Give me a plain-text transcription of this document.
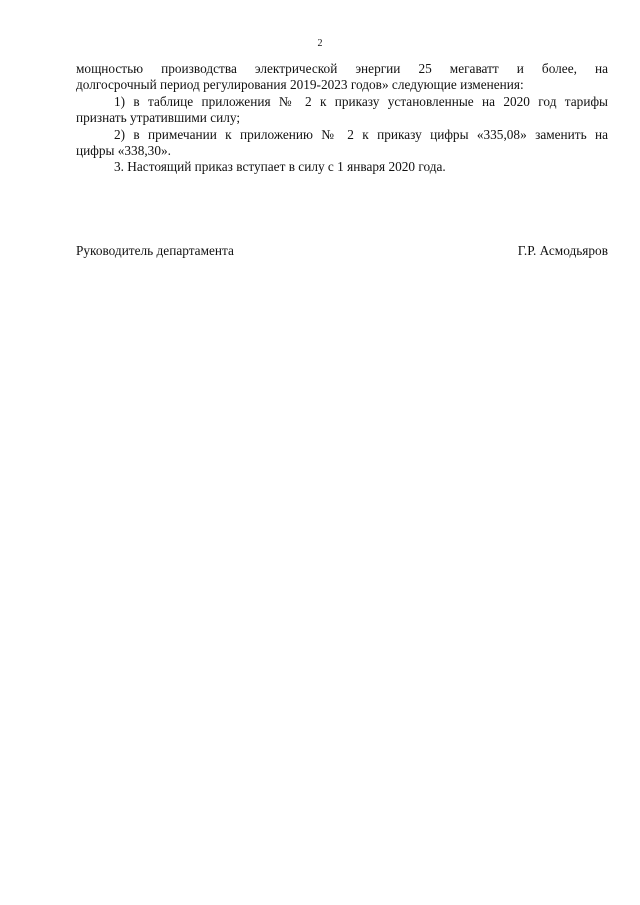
2
мощностью производства электрической энергии 25 мегаватт и более, на
долгосрочный период регулирования 2019-2023 годов» следующие изменения:
1) в таблице приложения № 2 к приказу установленные на 2020 год тарифы
признать утратившими силу;
2) в примечании к приложению № 2 к приказу цифры «335,08» заменить на
цифры «338,30».
3. Настоящий приказ вступает в силу с 1 января 2020 года.
Руководитель департамента	Г.Р. Асмодьяров
